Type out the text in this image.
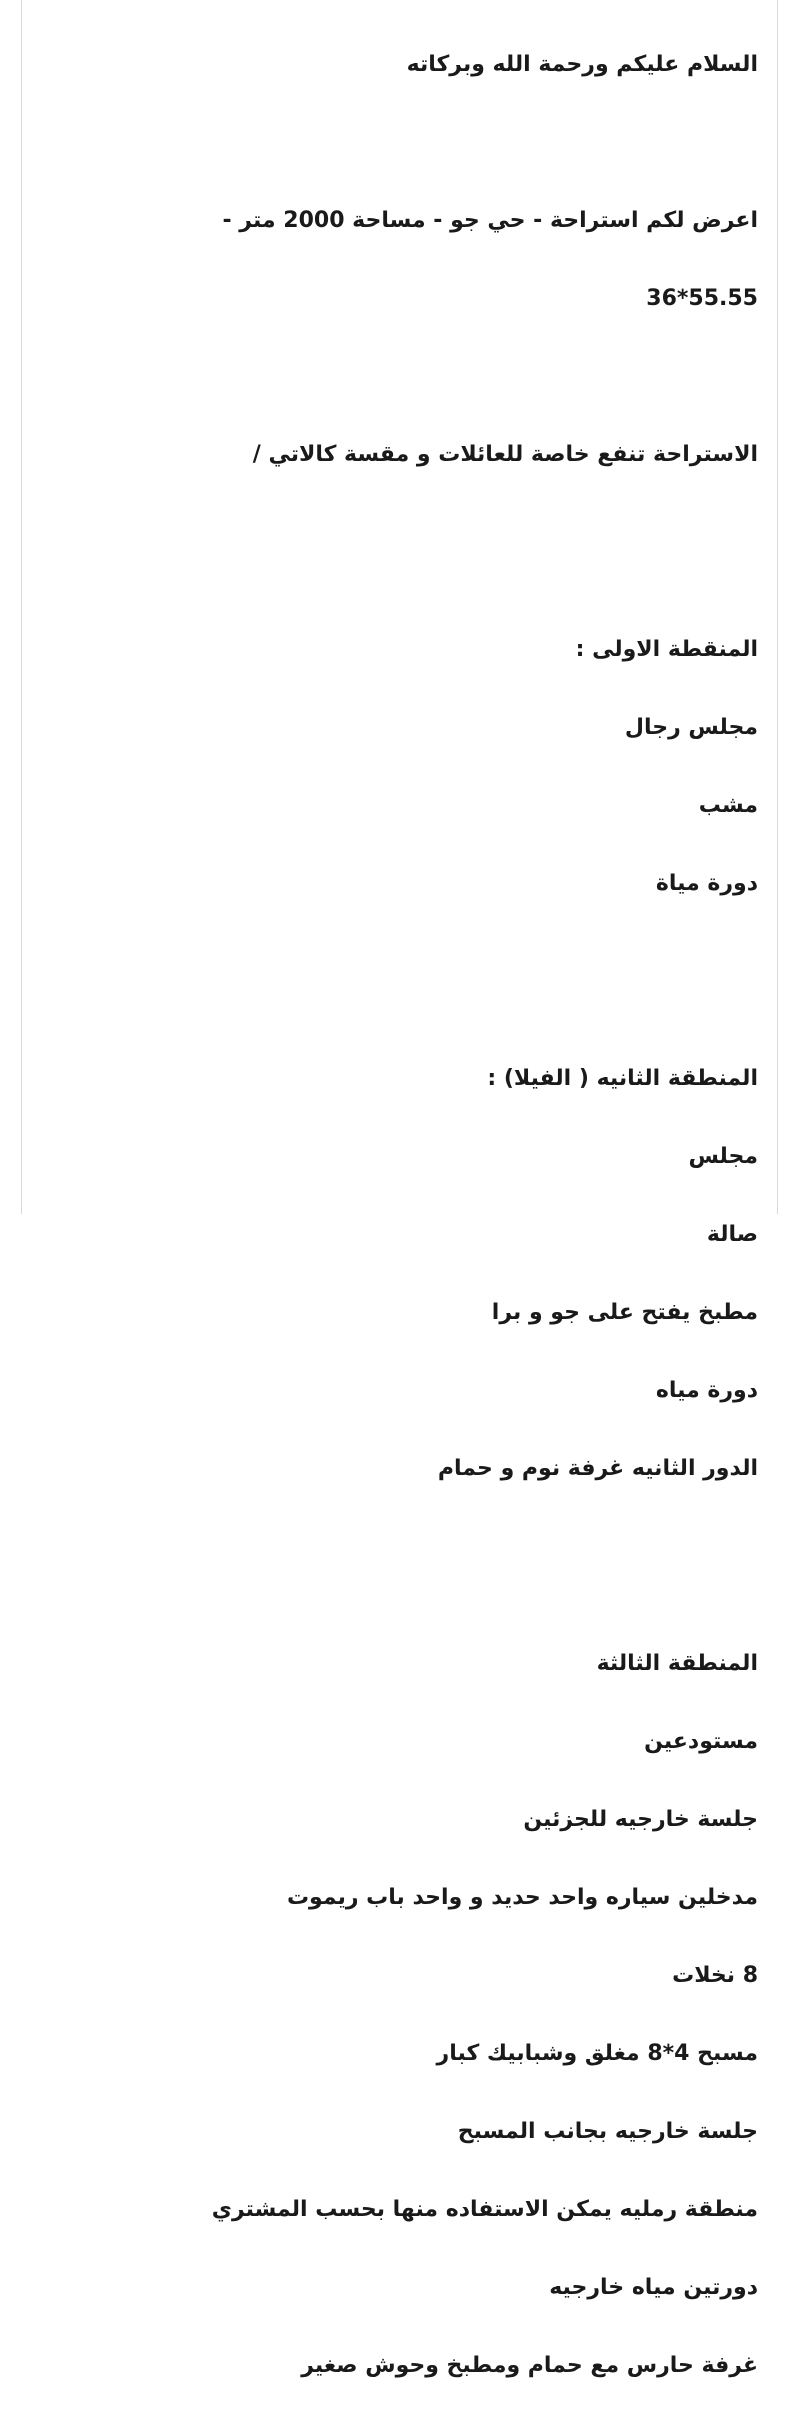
السلام عليكم ورحمة الله وبركاته

اعرض لكم استراحة - حي جو - مساحة 2000 متر -

55.55*36

الاستراحة تنفع خاصة للعائلات و مقسة كالاتي /

المنقطة الاولى :

مجلس رجال

مشب

دورة مياة

المنطقة الثانيه ( الفيلا) :

مجلس

صالة

مطبخ يفتح على جو و برا

دورة مياه

الدور الثانيه غرفة نوم و حمام

المنطقة الثالثة

مستودعين

جلسة خارجيه للجزئين

مدخلين سياره واحد حديد و واحد باب ريموت

8 نخلات

مسبح 4*8 مغلق وشبابيك كبار

جلسة خارجيه بجانب المسبح

منطقة رمليه يمكن الاستفاده منها بحسب المشتري

دورتين مياه خارجيه

غرفة حارس مع حمام ومطبخ وحوش صغير
